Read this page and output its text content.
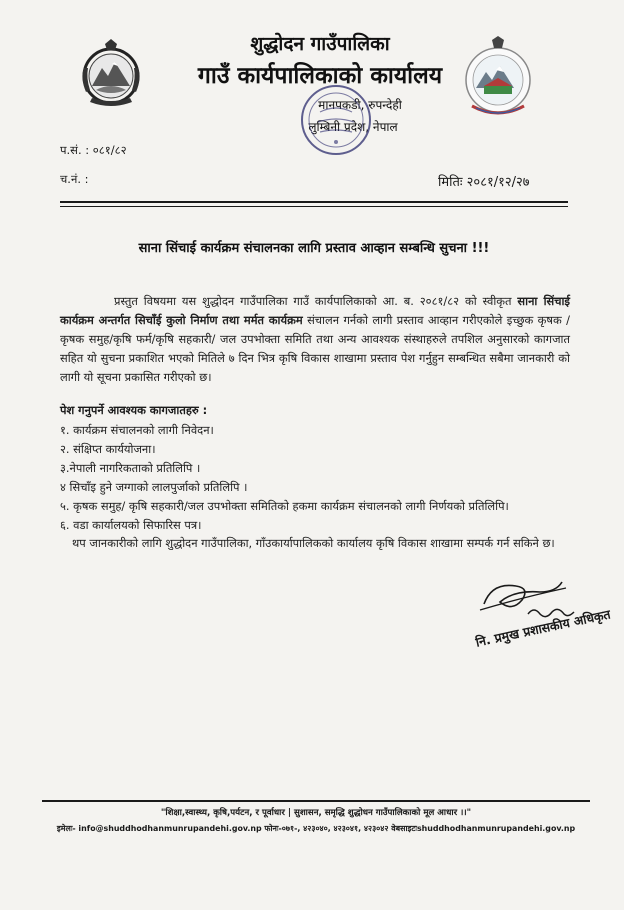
शुद्धोदन गाउँपालिका
गाउँ कार्यपालिकाको कार्यालय
मानपकडी, रुपन्देही
लुम्बिनी प्रदेश, नेपाल
प.सं. : ०८१/८२
च.नं. :	मितिः २०८१/१२/२७
साना सिंचाई कार्यक्रम संचालनका लागि प्रस्ताव आव्हान सम्बन्धि सुचना !!!
प्रस्तुत विषयमा यस शुद्धोदन गाउँपालिका गाउँ कार्यपालिकाको आ. ब. २०८१/८२ को स्वीकृत साना सिंचाई कार्यक्रम अन्तर्गत सिचाँई कुलो निर्माण तथा मर्मत कार्यक्रम संचालन गर्नको लागी प्रस्ताव आव्हान गरीएकोले इच्छुक कृषक /कृषक समुह/कृषि फर्म/कृषि सहकारी/ जल उपभोक्ता समिति तथा अन्य आवश्यक संस्थाहरुले तपशिल अनुसारको कागजात सहित यो सुचना प्रकाशित भएको मितिले ७ दिन भित्र कृषि विकास शाखामा प्रस्ताव पेश गर्नुहुन सम्बन्धित सबैमा जानकारी को लागी यो सूचना प्रकासित गरीएको छ।
पेश गनुपर्ने आवश्यक कागजातहरु :
१. कार्यक्रम संचालनको लागी निवेदन।
२. संक्षिप्त कार्ययोजना।
३.नेपाली नागरिकताको प्रतिलिपि ।
४ सिचाँइ हुने जग्गाको लालपुर्जाको प्रतिलिपि ।
५. कृषक समुह/ कृषि सहकारी/जल उपभोक्ता समितिको हकमा कार्यक्रम संचालनको लागी निर्णयको प्रतिलिपि।
६. वडा कार्यालयको सिफारिस पत्र।
थप जानकारीको लागि शुद्धोदन गाउँपालिका, गाँउकार्यापालिकको कार्यालय कृषि विकास शाखामा सम्पर्क गर्न सकिने छ।
नि. प्रमुख प्रशासकीय अधिकृत
"शिक्षा,स्वास्थ्य, कृषि,पर्यटन, र पूर्वाधार | सुशासन, समृद्धि शुद्धोधन गाउँपालिकाको मूल आधार ।।"
इमेलः- info@shuddhodhanmunrupandehi.gov.np फोनः-०७१-, ४२३०४०, ४२३०४१, ४२३०४२ वेबसाइटःshuddhodhanmunrupandehi.gov.np
